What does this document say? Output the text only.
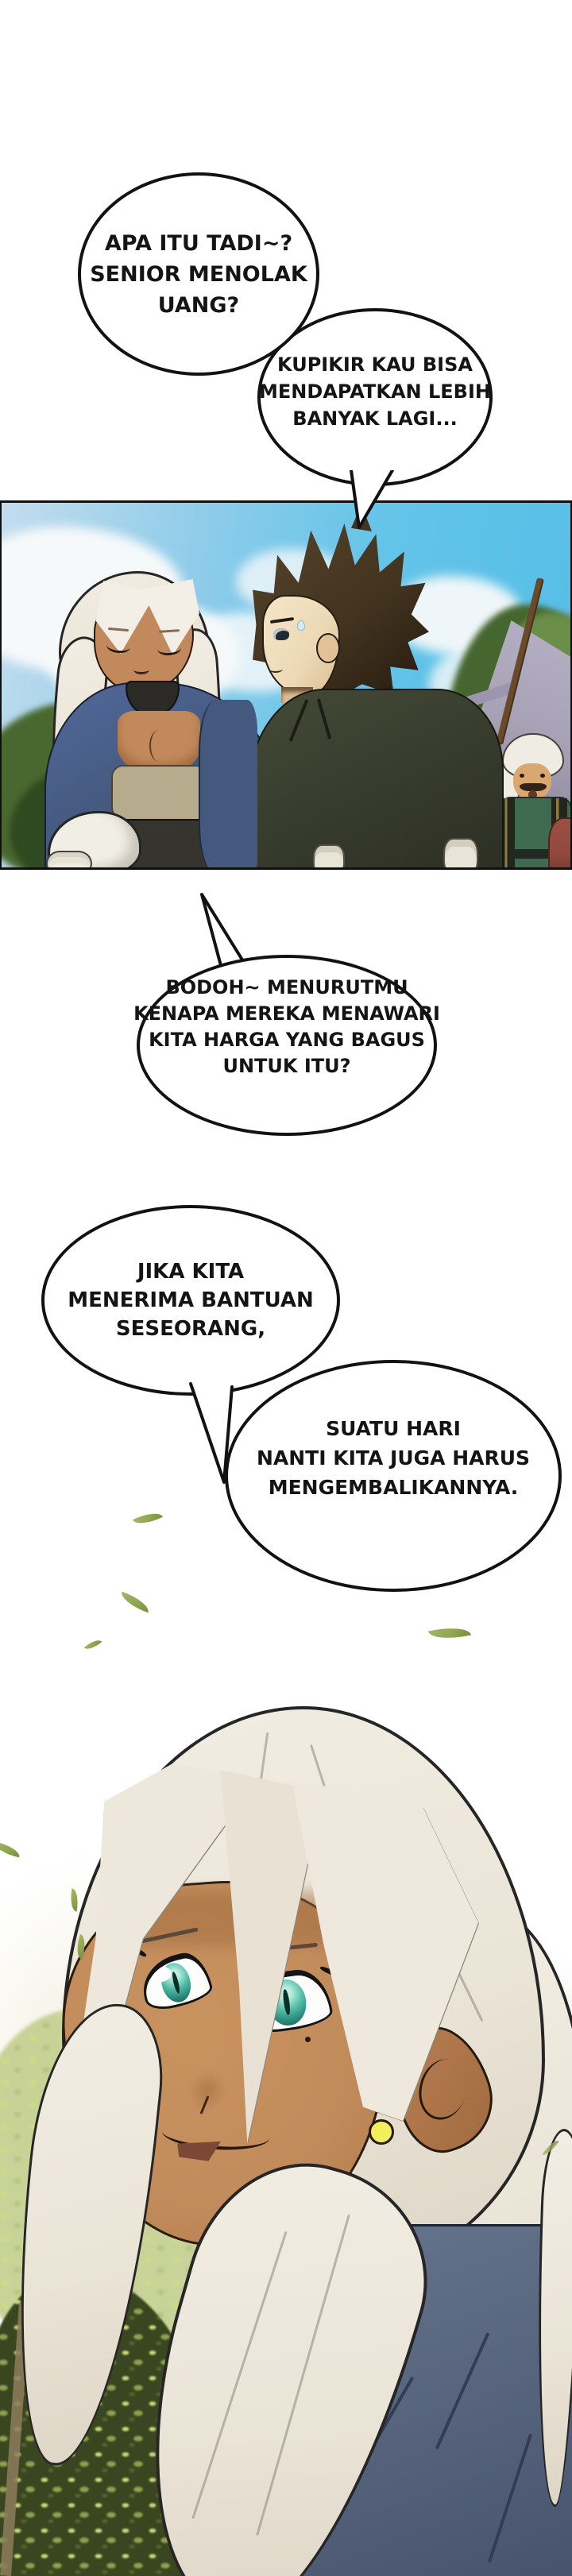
KUPIKIR KAU BISA
MENDAPATKAN LEBIH
BANYAK LAGI...
APA ITU TADI~?
SENIOR MENOLAK
UANG?
BODOH~ MENURUTMU
KENAPA MEREKA MENAWARI
KITA HARGA YANG BAGUS
UNTUK ITU?
SUATU HARI
NANTI KITA JUGA HARUS
MENGEMBALIKANNYA.
JIKA KITA
MENERIMA BANTUAN
SESEORANG,
